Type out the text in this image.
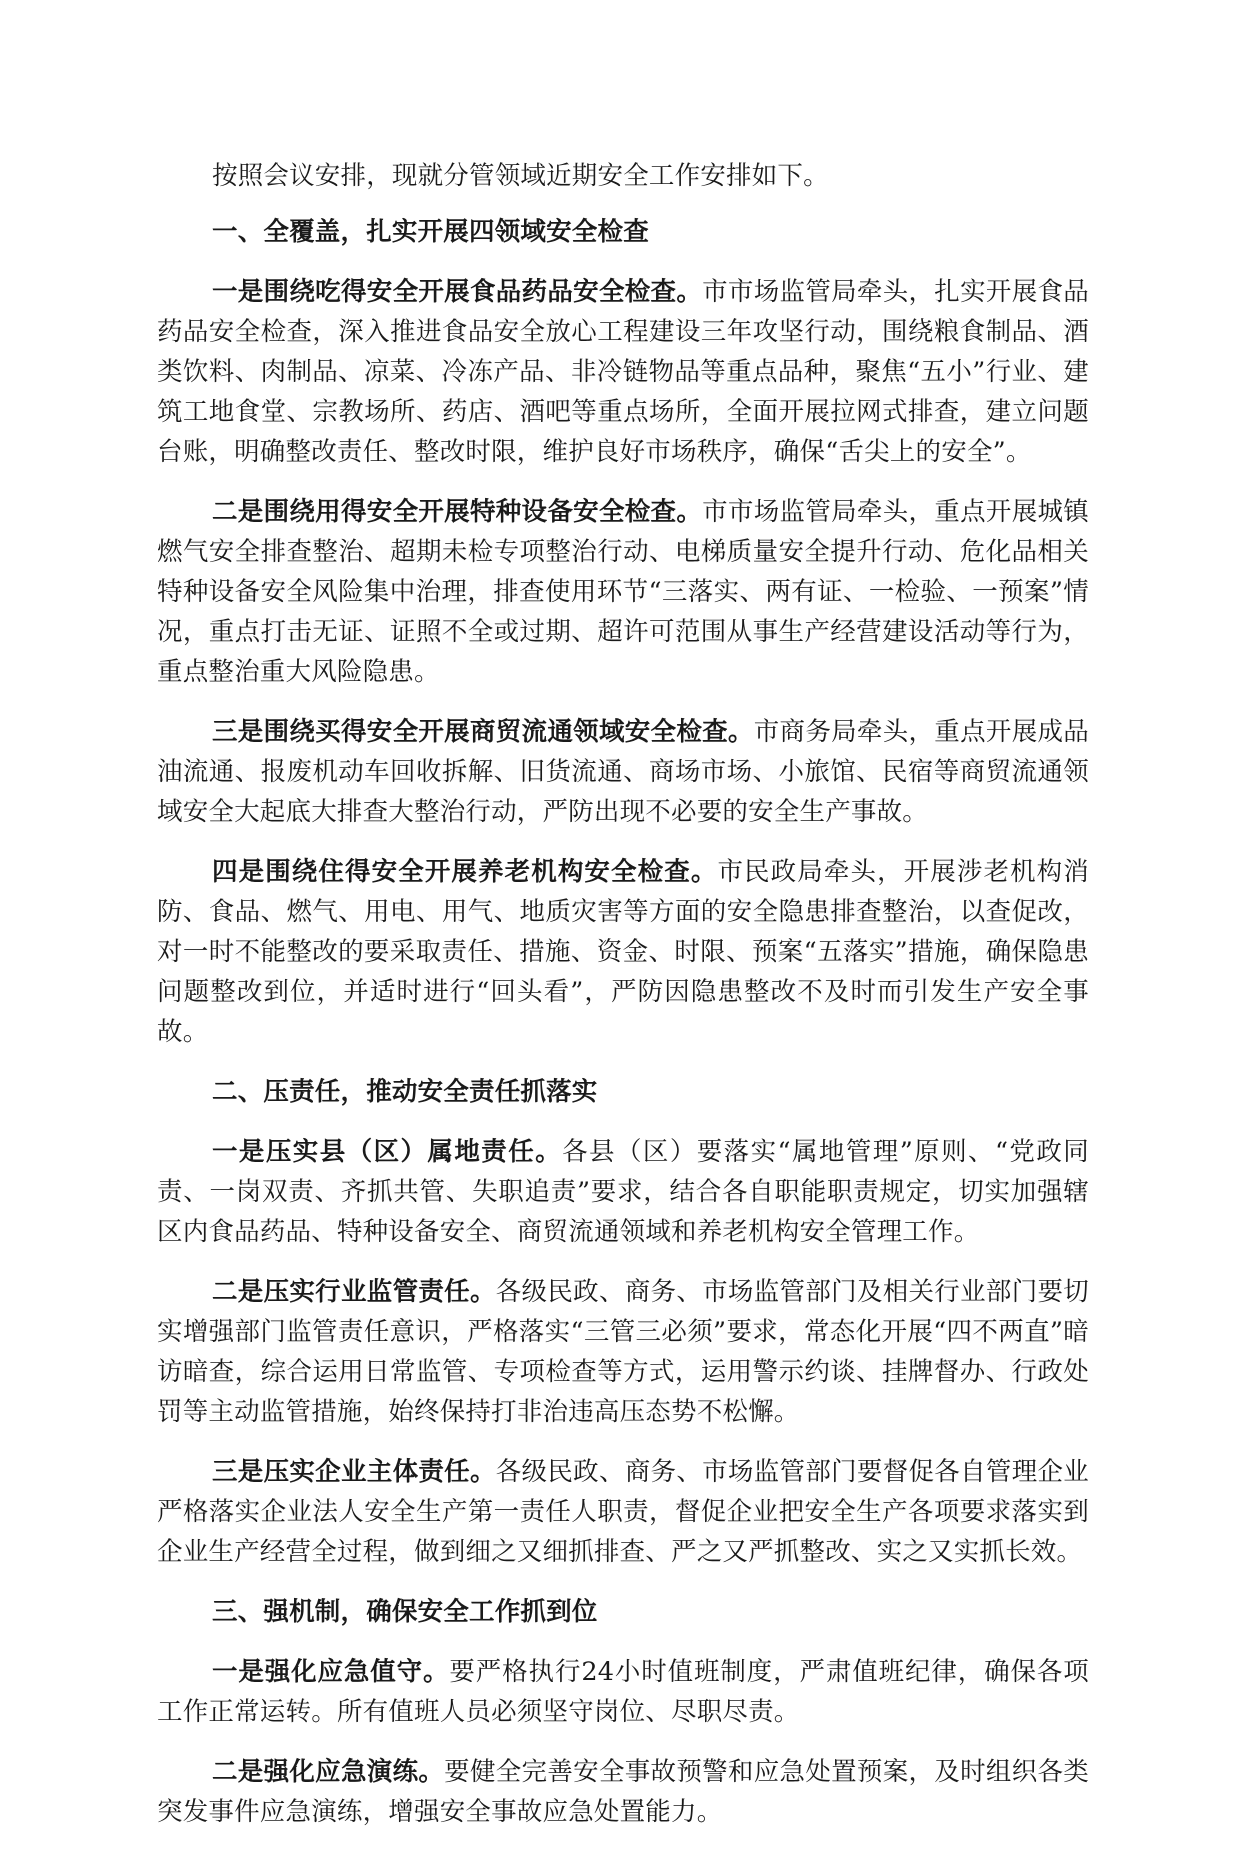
按照会议安排，现就分管领域近期安全工作安排如下。

一、全覆盖，扎实开展四领域安全检查

一是围绕吃得安全开展食品药品安全检查。市市场监管局牵头，扎实开展食品药品安全检查，深入推进食品安全放心工程建设三年攻坚行动，围绕粮食制品、酒类饮料、肉制品、凉菜、冷冻产品、非冷链物品等重点品种，聚焦“五小”行业、建筑工地食堂、宗教场所、药店、酒吧等重点场所，全面开展拉网式排查，建立问题台账，明确整改责任、整改时限，维护良好市场秩序，确保“舌尖上的安全”。

二是围绕用得安全开展特种设备安全检查。市市场监管局牵头，重点开展城镇燃气安全排查整治、超期未检专项整治行动、电梯质量安全提升行动、危化品相关特种设备安全风险集中治理，排查使用环节“三落实、两有证、一检验、一预案”情况，重点打击无证、证照不全或过期、超许可范围从事生产经营建设活动等行为，重点整治重大风险隐患。

三是围绕买得安全开展商贸流通领域安全检查。市商务局牵头，重点开展成品油流通、报废机动车回收拆解、旧货流通、商场市场、小旅馆、民宿等商贸流通领域安全大起底大排查大整治行动，严防出现不必要的安全生产事故。

四是围绕住得安全开展养老机构安全检查。市民政局牵头，开展涉老机构消防、食品、燃气、用电、用气、地质灾害等方面的安全隐患排查整治，以查促改，对一时不能整改的要采取责任、措施、资金、时限、预案“五落实”措施，确保隐患问题整改到位，并适时进行“回头看”，严防因隐患整改不及时而引发生产安全事故。

二、压责任，推动安全责任抓落实

一是压实县（区）属地责任。各县（区）要落实“属地管理”原则、“党政同责、一岗双责、齐抓共管、失职追责”要求，结合各自职能职责规定，切实加强辖区内食品药品、特种设备安全、商贸流通领域和养老机构安全管理工作。

二是压实行业监管责任。各级民政、商务、市场监管部门及相关行业部门要切实增强部门监管责任意识，严格落实“三管三必须”要求，常态化开展“四不两直”暗访暗查，综合运用日常监管、专项检查等方式，运用警示约谈、挂牌督办、行政处罚等主动监管措施，始终保持打非治违高压态势不松懈。

三是压实企业主体责任。各级民政、商务、市场监管部门要督促各自管理企业严格落实企业法人安全生产第一责任人职责，督促企业把安全生产各项要求落实到企业生产经营全过程，做到细之又细抓排查、严之又严抓整改、实之又实抓长效。

三、强机制，确保安全工作抓到位

一是强化应急值守。要严格执行24小时值班制度，严肃值班纪律，确保各项工作正常运转。所有值班人员必须坚守岗位、尽职尽责。

二是强化应急演练。要健全完善安全事故预警和应急处置预案，及时组织各类突发事件应急演练，增强安全事故应急处置能力。
